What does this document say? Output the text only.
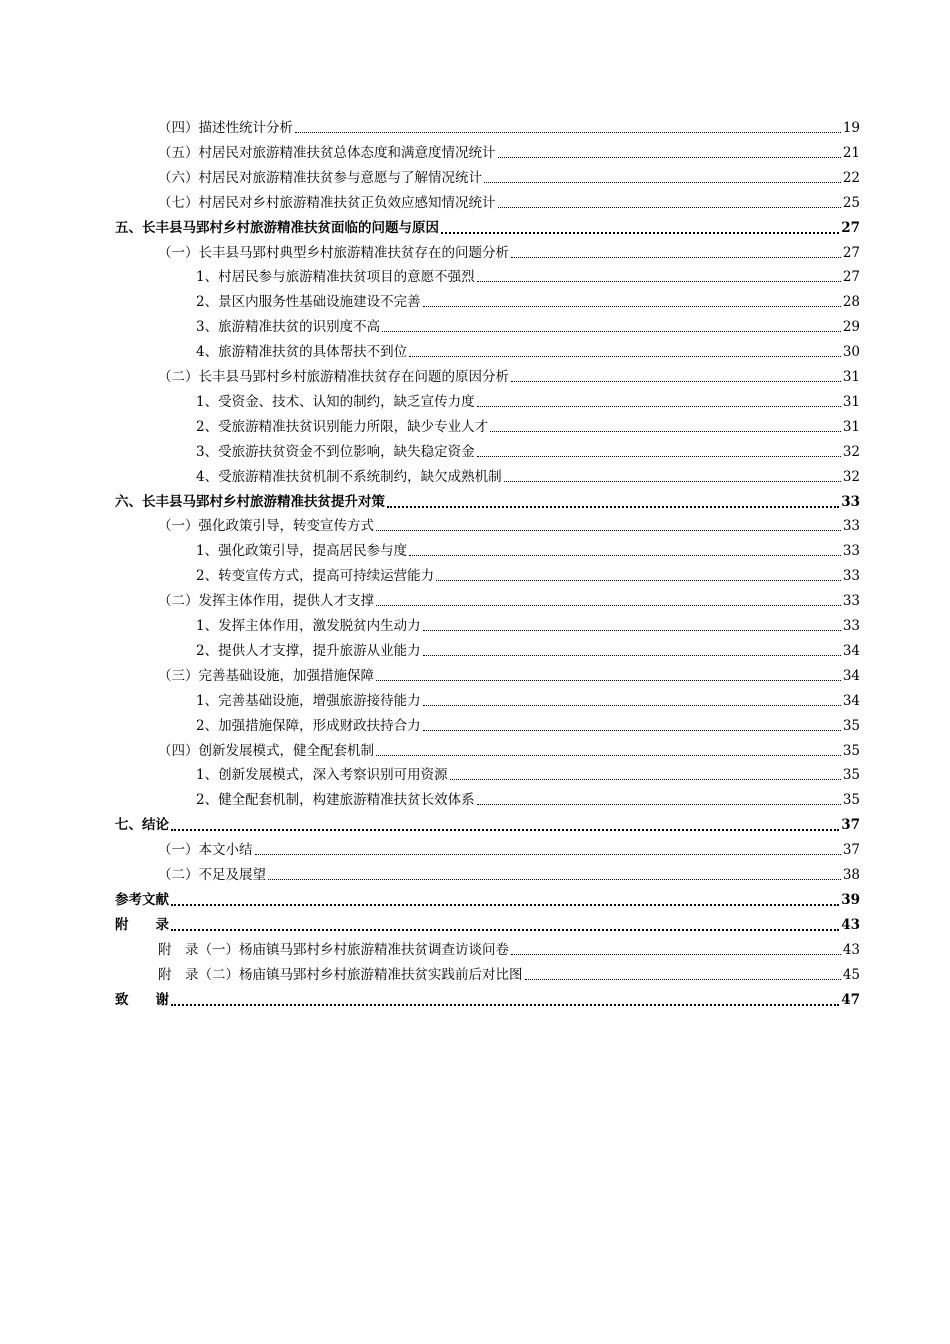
（四）描述性统计分析	19
（五）村居民对旅游精准扶贫总体态度和满意度情况统计	21
（六）村居民对旅游精准扶贫参与意愿与了解情况统计	22
（七）村居民对乡村旅游精准扶贫正负效应感知情况统计	25
五、长丰县马郢村乡村旅游精准扶贫面临的问题与原因	27
（一）长丰县马郢村典型乡村旅游精准扶贫存在的问题分析	27
1、村居民参与旅游精准扶贫项目的意愿不强烈	27
2、景区内服务性基础设施建设不完善	28
3、旅游精准扶贫的识别度不高	29
4、旅游精准扶贫的具体帮扶不到位	30
（二）长丰县马郢村乡村旅游精准扶贫存在问题的原因分析	31
1、受资金、技术、认知的制约，缺乏宣传力度	31
2、受旅游精准扶贫识别能力所限，缺少专业人才	31
3、受旅游扶贫资金不到位影响，缺失稳定资金	32
4、受旅游精准扶贫机制不系统制约，缺欠成熟机制	32
六、长丰县马郢村乡村旅游精准扶贫提升对策	33
（一）强化政策引导，转变宣传方式	33
1、强化政策引导，提高居民参与度	33
2、转变宣传方式，提高可持续运营能力	33
（二）发挥主体作用，提供人才支撑	33
1、发挥主体作用，激发脱贫内生动力	33
2、提供人才支撑，提升旅游从业能力	34
（三）完善基础设施，加强措施保障	34
1、完善基础设施，增强旅游接待能力	34
2、加强措施保障，形成财政扶持合力	35
（四）创新发展模式，健全配套机制	35
1、创新发展模式，深入考察识别可用资源	35
2、健全配套机制，构建旅游精准扶贫长效体系	35
七、结论	37
（一）本文小结	37
（二）不足及展望	38
参考文献	39
附　　录	43
附　录（一）杨庙镇马郢村乡村旅游精准扶贫调查访谈问卷	43
附　录（二）杨庙镇马郢村乡村旅游精准扶贫实践前后对比图	45
致　　谢	47
